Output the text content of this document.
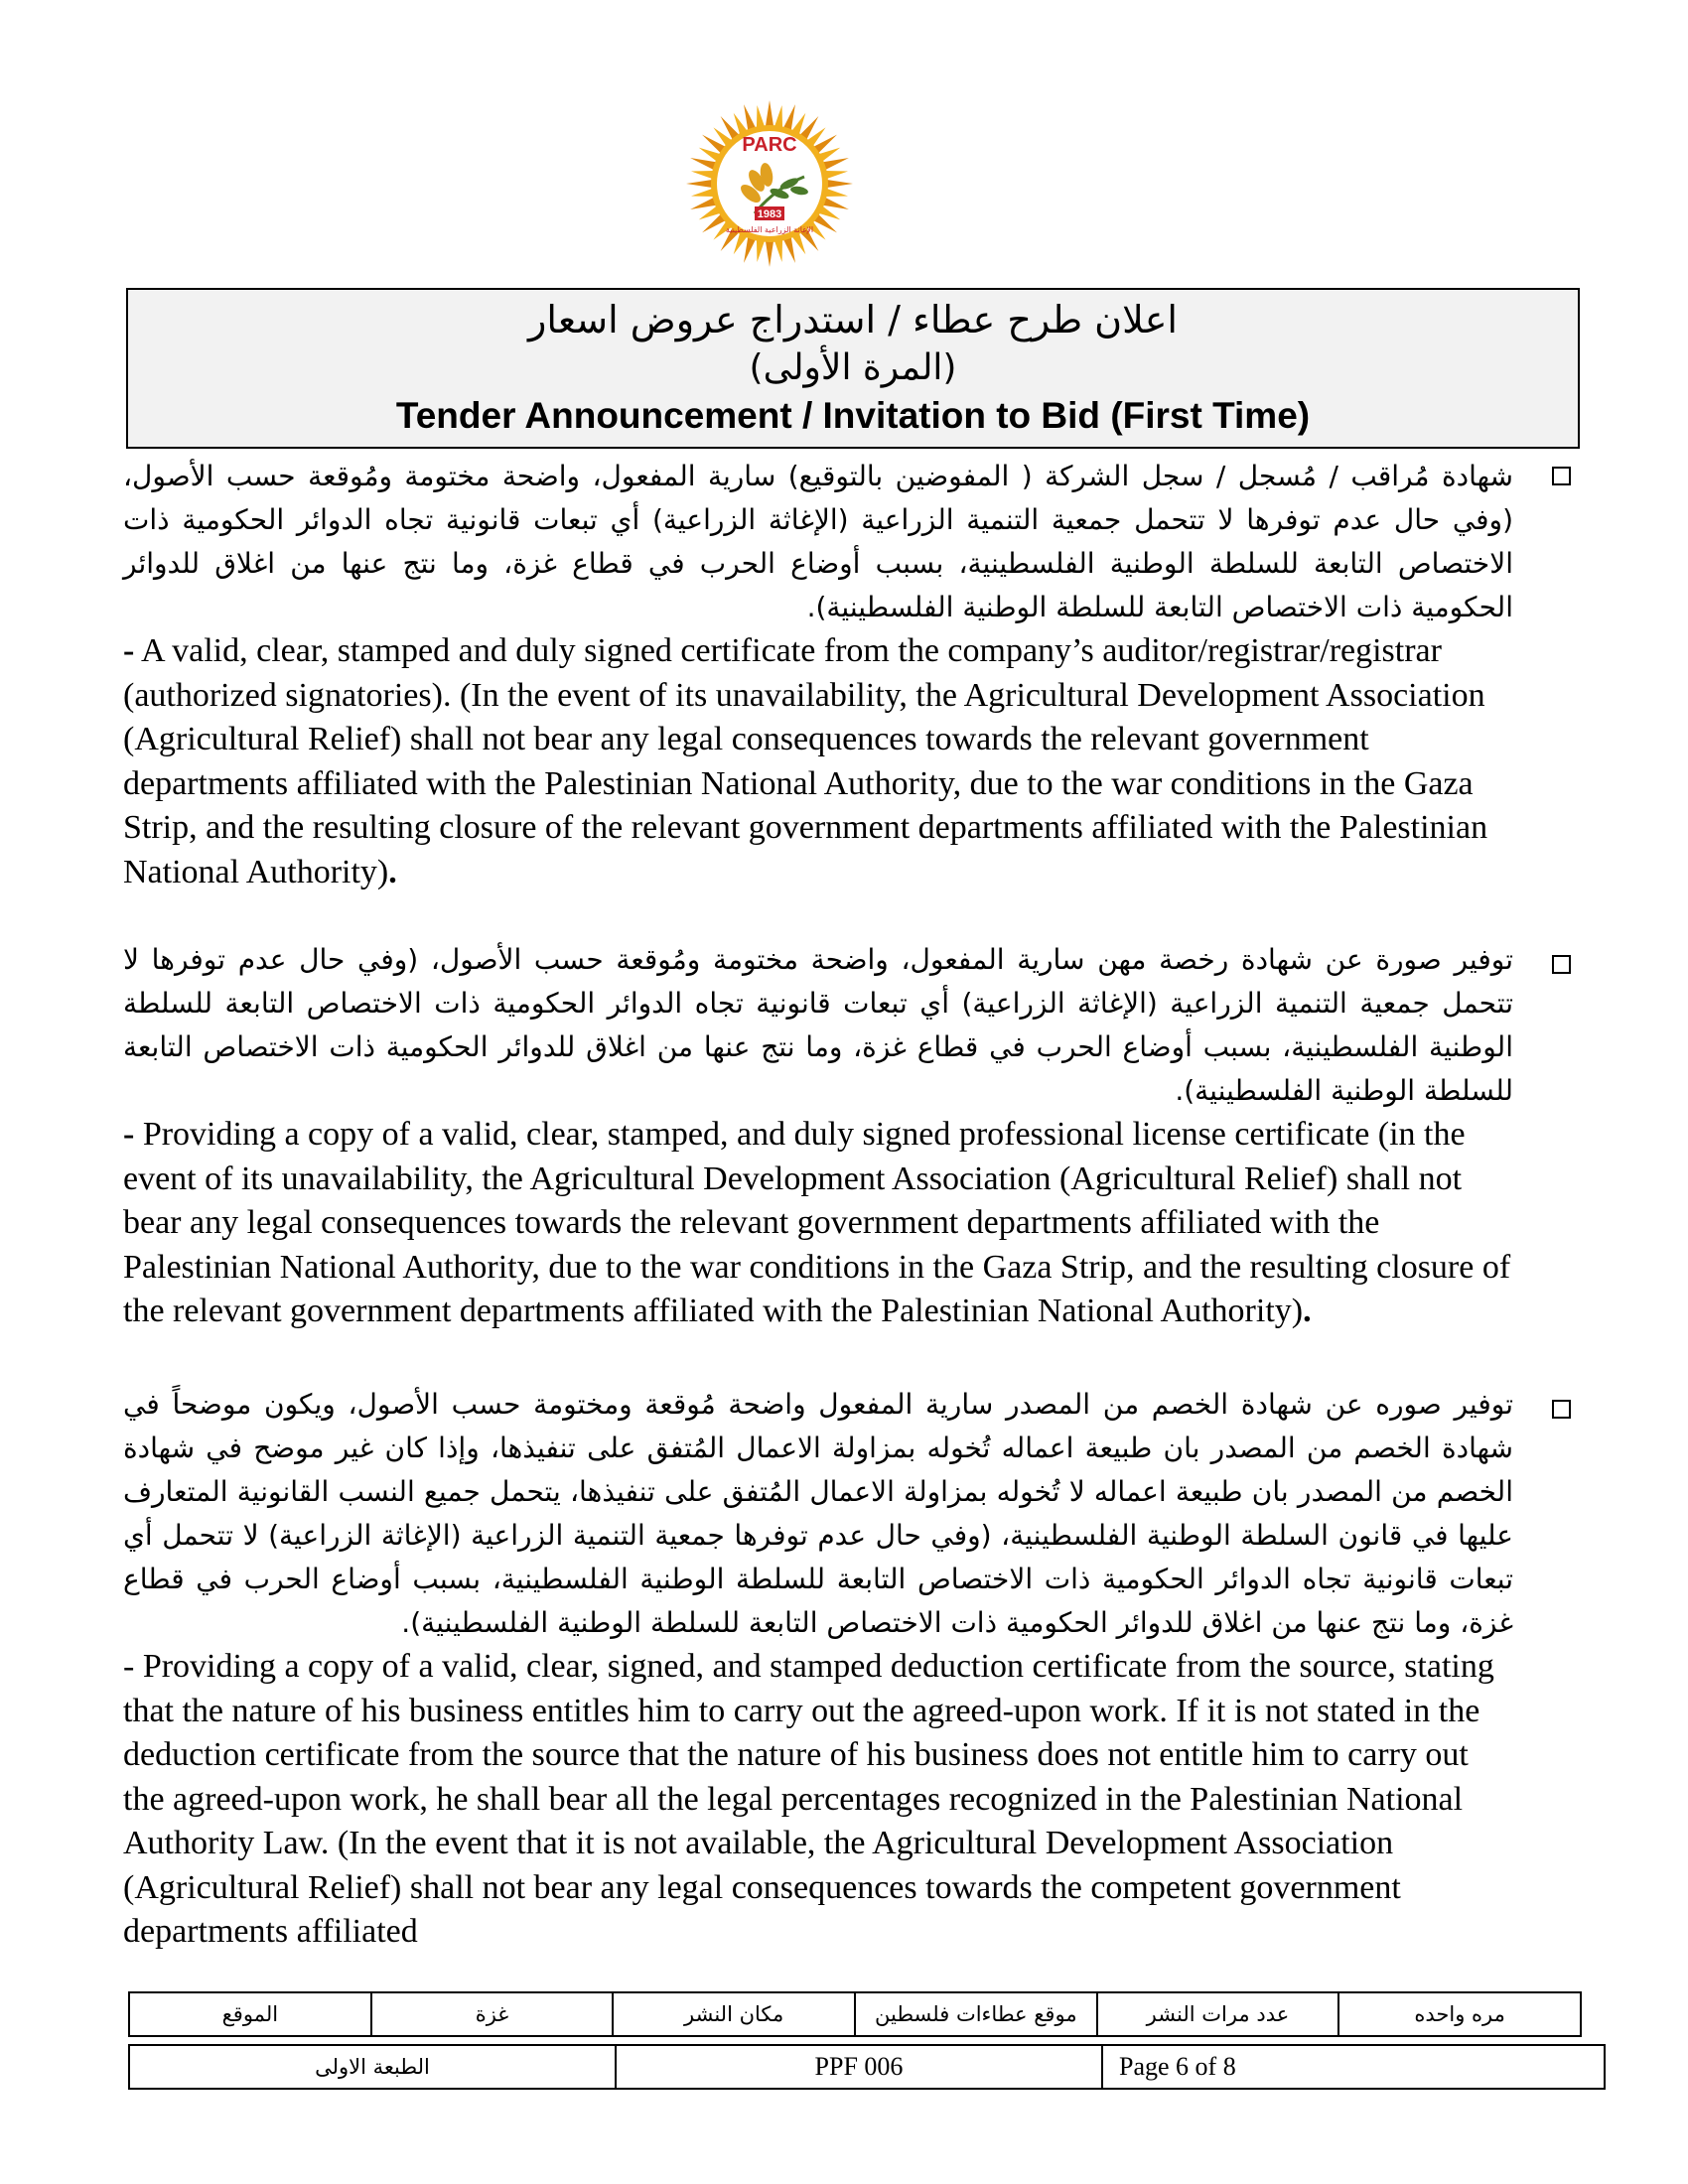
PARC
1983
الإغاثة الزراعية الفلسطينية
اعلان طرح عطاء / استدراج عروض اسعار
(المرة الأولى)
Tender Announcement / Invitation to Bid (First Time)

شهادة مُراقب / مُسجل / سجل الشركة ( المفوضين بالتوقيع) سارية المفعول، واضحة مختومة ومُوقعة حسب الأصول، (وفي حال عدم توفرها لا تتحمل جمعية التنمية الزراعية (الإغاثة الزراعية) أي تبعات قانونية تجاه الدوائر الحكومية ذات الاختصاص التابعة للسلطة الوطنية الفلسطينية، بسبب أوضاع الحرب في قطاع غزة، وما نتج عنها من اغلاق للدوائر الحكومية ذات الاختصاص التابعة للسلطة الوطنية الفلسطينية).

- A valid, clear, stamped and duly signed certificate from the company’s auditor/registrar/registrar (authorized signatories). (In the event of its unavailability, the Agricultural Development Association (Agricultural Relief) shall not bear any legal consequences towards the relevant government departments affiliated with the Palestinian National Authority, due to the war conditions in the Gaza Strip, and the resulting closure of the relevant government departments affiliated with the Palestinian National Authority).

توفير صورة عن شهادة رخصة مهن سارية المفعول، واضحة مختومة ومُوقعة حسب الأصول، (وفي حال عدم توفرها لا تتحمل جمعية التنمية الزراعية (الإغاثة الزراعية) أي تبعات قانونية تجاه الدوائر الحكومية ذات الاختصاص التابعة للسلطة الوطنية الفلسطينية، بسبب أوضاع الحرب في قطاع غزة، وما نتج عنها من اغلاق للدوائر الحكومية ذات الاختصاص التابعة للسلطة الوطنية الفلسطينية).

- Providing a copy of a valid, clear, stamped, and duly signed professional license certificate (in the event of its unavailability, the Agricultural Development Association (Agricultural Relief) shall not bear any legal consequences towards the relevant government departments affiliated with the Palestinian National Authority, due to the war conditions in the Gaza Strip, and the resulting closure of the relevant government departments affiliated with the Palestinian National Authority).

توفير صوره عن شهادة الخصم من المصدر سارية المفعول واضحة مُوقعة ومختومة حسب الأصول، ويكون موضحاً في شهادة الخصم من المصدر بان طبيعة اعماله تُخوله بمزاولة الاعمال المُتفق على تنفيذها، وإذا كان غير موضح في شهادة الخصم من المصدر بان طبيعة اعماله لا تُخوله بمزاولة الاعمال المُتفق على تنفيذها، يتحمل جميع النسب القانونية المتعارف عليها في قانون السلطة الوطنية الفلسطينية، (وفي حال عدم توفرها جمعية التنمية الزراعية (الإغاثة الزراعية) لا تتحمل أي تبعات قانونية تجاه الدوائر الحكومية ذات الاختصاص التابعة للسلطة الوطنية الفلسطينية، بسبب أوضاع الحرب في قطاع غزة، وما نتج عنها من اغلاق للدوائر الحكومية ذات الاختصاص التابعة للسلطة الوطنية الفلسطينية).

- Providing a copy of a valid, clear, signed, and stamped deduction certificate from the source, stating that the nature of his business entitles him to carry out the agreed-upon work. If it is not stated in the deduction certificate from the source that the nature of his business does not entitle him to carry out the agreed-upon work, he shall bear all the legal percentages recognized in the Palestinian National Authority Law. (In the event that it is not available, the Agricultural Development Association (Agricultural Relief) shall not bear any legal consequences towards the competent government departments affiliated

الموقع	غزة	مكان النشر	موقع عطاءات فلسطين	عدد مرات النشر	مره واحده
الطبعة الاولى	PPF 006	Page 6 of 8
